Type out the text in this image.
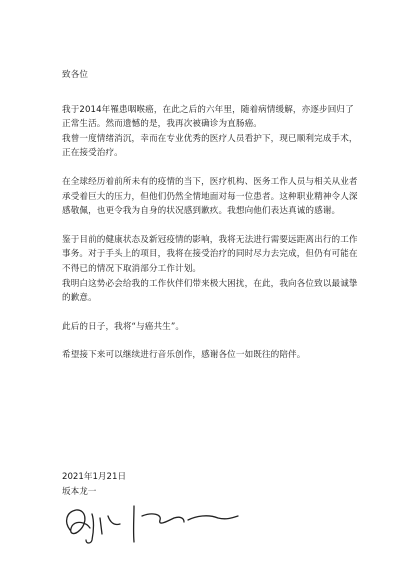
致各位

我于2014年罹患咽喉癌，在此之后的六年里，随着病情缓解，亦逐步回归了正常生活。然而遗憾的是，我再次被确诊为直肠癌。

我曾一度情绪消沉，幸而在专业优秀的医疗人员看护下，现已顺利完成手术，正在接受治疗。

在全球经历着前所未有的疫情的当下，医疗机构、医务工作人员与相关从业者承受着巨大的压力，但他们仍然全情地面对每一位患者。这种职业精神令人深感敬佩，也更令我为自身的状况感到歉疚。我想向他们表达真诚的感谢。

鉴于目前的健康状态及新冠疫情的影响，我将无法进行需要远距离出行的工作事务。对于手头上的项目，我将在接受治疗的同时尽力去完成，但仍有可能在不得已的情况下取消部分工作计划。

我明白这势必会给我的工作伙伴们带来极大困扰，在此，我向各位致以最诚挚的歉意。

此后的日子，我将“与癌共生”。

希望接下来可以继续进行音乐创作，感谢各位一如既往的陪伴。

2021年1月21日
坂本龙一
